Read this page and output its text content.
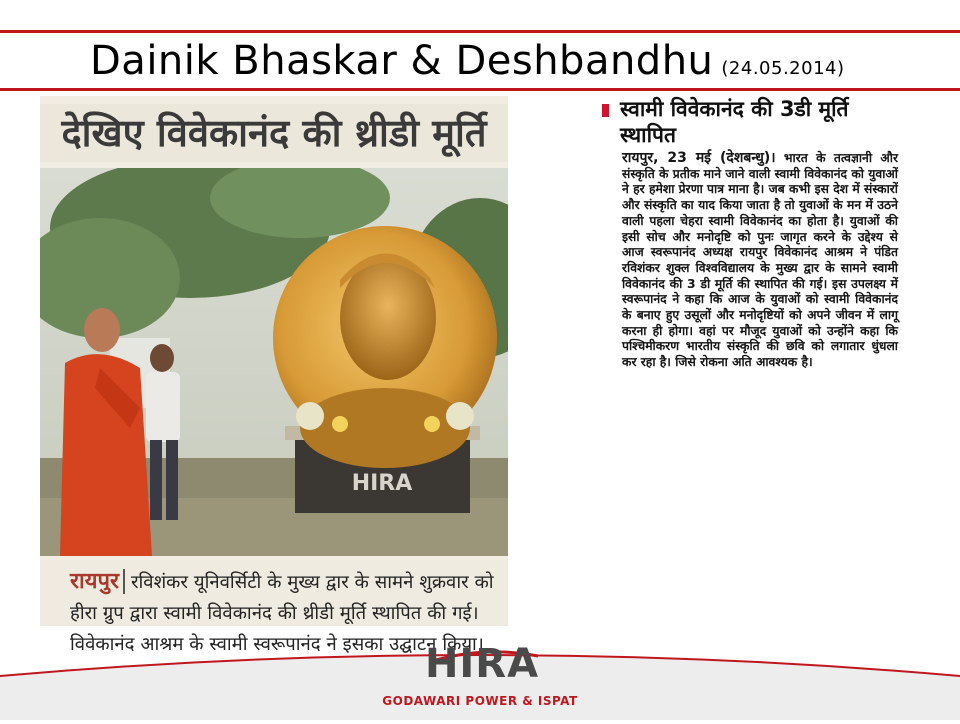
Dainik Bhaskar & Deshbandhu (24.05.2014)
देखिए विवेकानंद की थ्रीडी मूर्ति
HIRA
रायपुर रविशंकर यूनिवर्सिटी के मुख्य द्वार के सामने शुक्रवार को हीरा ग्रुप द्वारा स्वामी विवेकानंद की थ्रीडी मूर्ति स्थापित की गई। विवेकानंद आश्रम के स्वामी स्वरूपानंद ने इसका उद्घाटन किया।
स्वामी विवेकानंद की 3डी मूर्ति स्थापित
रायपुर, 23 मई (देशबन्धु)। भारत के तत्वज्ञानी और संस्कृति के प्रतीक माने जाने वाली स्वामी विवेकानंद को युवाओं ने हर हमेशा प्रेरणा पात्र माना है। जब कभी इस देश में संस्कारों और संस्कृति का याद किया जाता है तो युवाओं के मन में उठने वाली पहला चेहरा स्वामी विवेकानंद का होता है। युवाओं की इसी सोच और मनोदृष्टि को पुनः जागृत करने के उद्देश्य से आज स्वरूपानंद अध्यक्ष रायपुर विवेकानंद आश्रम ने पंडित रविशंकर शुक्ल विश्वविद्यालय के मुख्य द्वार के सामने स्वामी विवेकानंद की 3 डी मूर्ति की स्थापित की गई। इस उपलक्ष्य में स्वरूपानंद ने कहा कि आज के युवाओं को स्वामी विवेकानंद के बनाए हुए उसूलों और मनोदृष्टियों को अपने जीवन में लागू करना ही होगा। वहां पर मौजूद युवाओं को उन्होंने कहा कि पश्चिमीकरण भारतीय संस्कृति की छवि को लगातार धुंधला कर रहा है। जिसे रोकना अति आवश्यक है।
HIRA
GODAWARI POWER & ISPAT
